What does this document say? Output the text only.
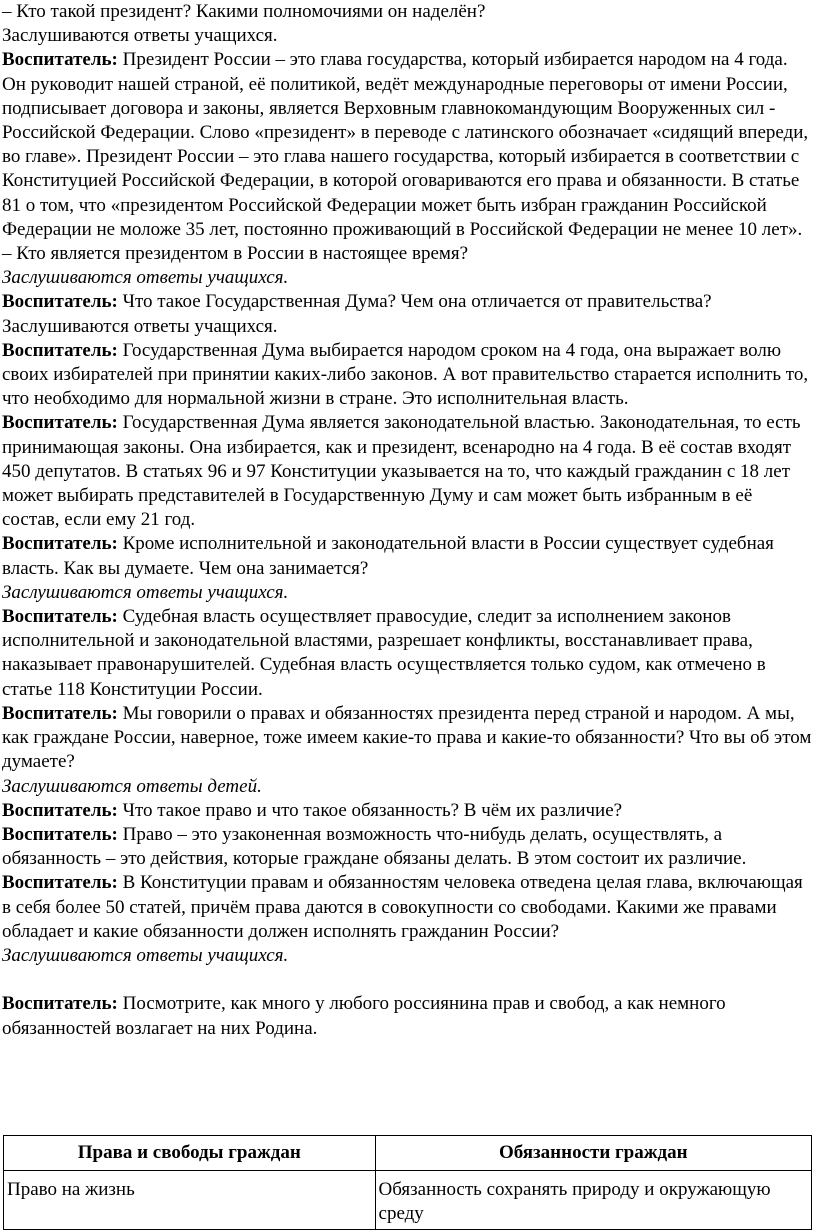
– Кто такой президент? Какими полномочиями он наделён?

Заслушиваются ответы учащихся.

Воспитатель: Президент России – это глава государства, который избирается народом на 4 года. Он руководит нашей страной, её политикой, ведёт международные переговоры от имени России, подписывает договора и законы, является Верховным главнокомандующим Вооруженных сил - Российской Федерации. Слово «президент» в переводе с латинского обозначает «сидящий впереди, во главе». Президент России – это глава нашего государства, который избирается в соответствии с Конституцией Российской Федерации, в которой оговариваются его права и обязанности. В статье 81 о том, что «президентом Российской Федерации может быть избран гражданин Российской Федерации не моложе 35 лет, постоянно проживающий в Российской Федерации не менее 10 лет».

– Кто является президентом в России в настоящее время?

Заслушиваются ответы учащихся.

Воспитатель: Что такое Государственная Дума? Чем она отличается от правительства?

Заслушиваются ответы учащихся.

Воспитатель: Государственная Дума выбирается народом сроком на 4 года, она выражает волю своих избирателей при принятии каких-либо законов. А вот правительство старается исполнить то, что необходимо для нормальной жизни в стране. Это исполнительная власть.

Воспитатель: Государственная Дума является законодательной властью. Законодательная, то есть принимающая законы. Она избирается, как и президент, всенародно на 4 года. В её состав входят 450 депутатов. В статьях 96 и 97 Конституции указывается на то, что каждый гражданин с 18 лет может выбирать представителей в Государственную Думу и сам может быть избранным в её состав, если ему 21 год.

Воспитатель: Кроме исполнительной и законодательной власти в России существует судебная власть. Как вы думаете. Чем она занимается?

Заслушиваются ответы учащихся.

Воспитатель: Судебная власть осуществляет правосудие, следит за исполнением законов исполнительной и законодательной властями, разрешает конфликты, восстанавливает права, наказывает правонарушителей. Судебная власть осуществляется только судом, как отмечено в статье 118 Конституции России.

Воспитатель: Мы говорили о правах и обязанностях президента перед страной и народом. А мы, как граждане России, наверное, тоже имеем какие-то права и какие-то обязанности? Что вы об этом думаете?

Заслушиваются ответы детей.

Воспитатель: Что такое право и что такое обязанность? В чём их различие?

Воспитатель: Право – это узаконенная возможность что-нибудь делать, осуществлять, а обязанность – это действия, которые граждане обязаны делать. В этом состоит их различие.

Воспитатель: В Конституции правам и обязанностям человека отведена целая глава, включающая в себя более 50 статей, причём права даются в совокупности со свободами. Какими же правами обладает и какие обязанности должен исполнять гражданин России?

Заслушиваются ответы учащихся.

Воспитатель: Посмотрите, как много у любого россиянина прав и свобод, а как немного обязанностей возлагает на них Родина.

Права и свободы граждан	Обязанности граждан
Право на жизнь	Обязанность сохранять природу и окружающую среду
